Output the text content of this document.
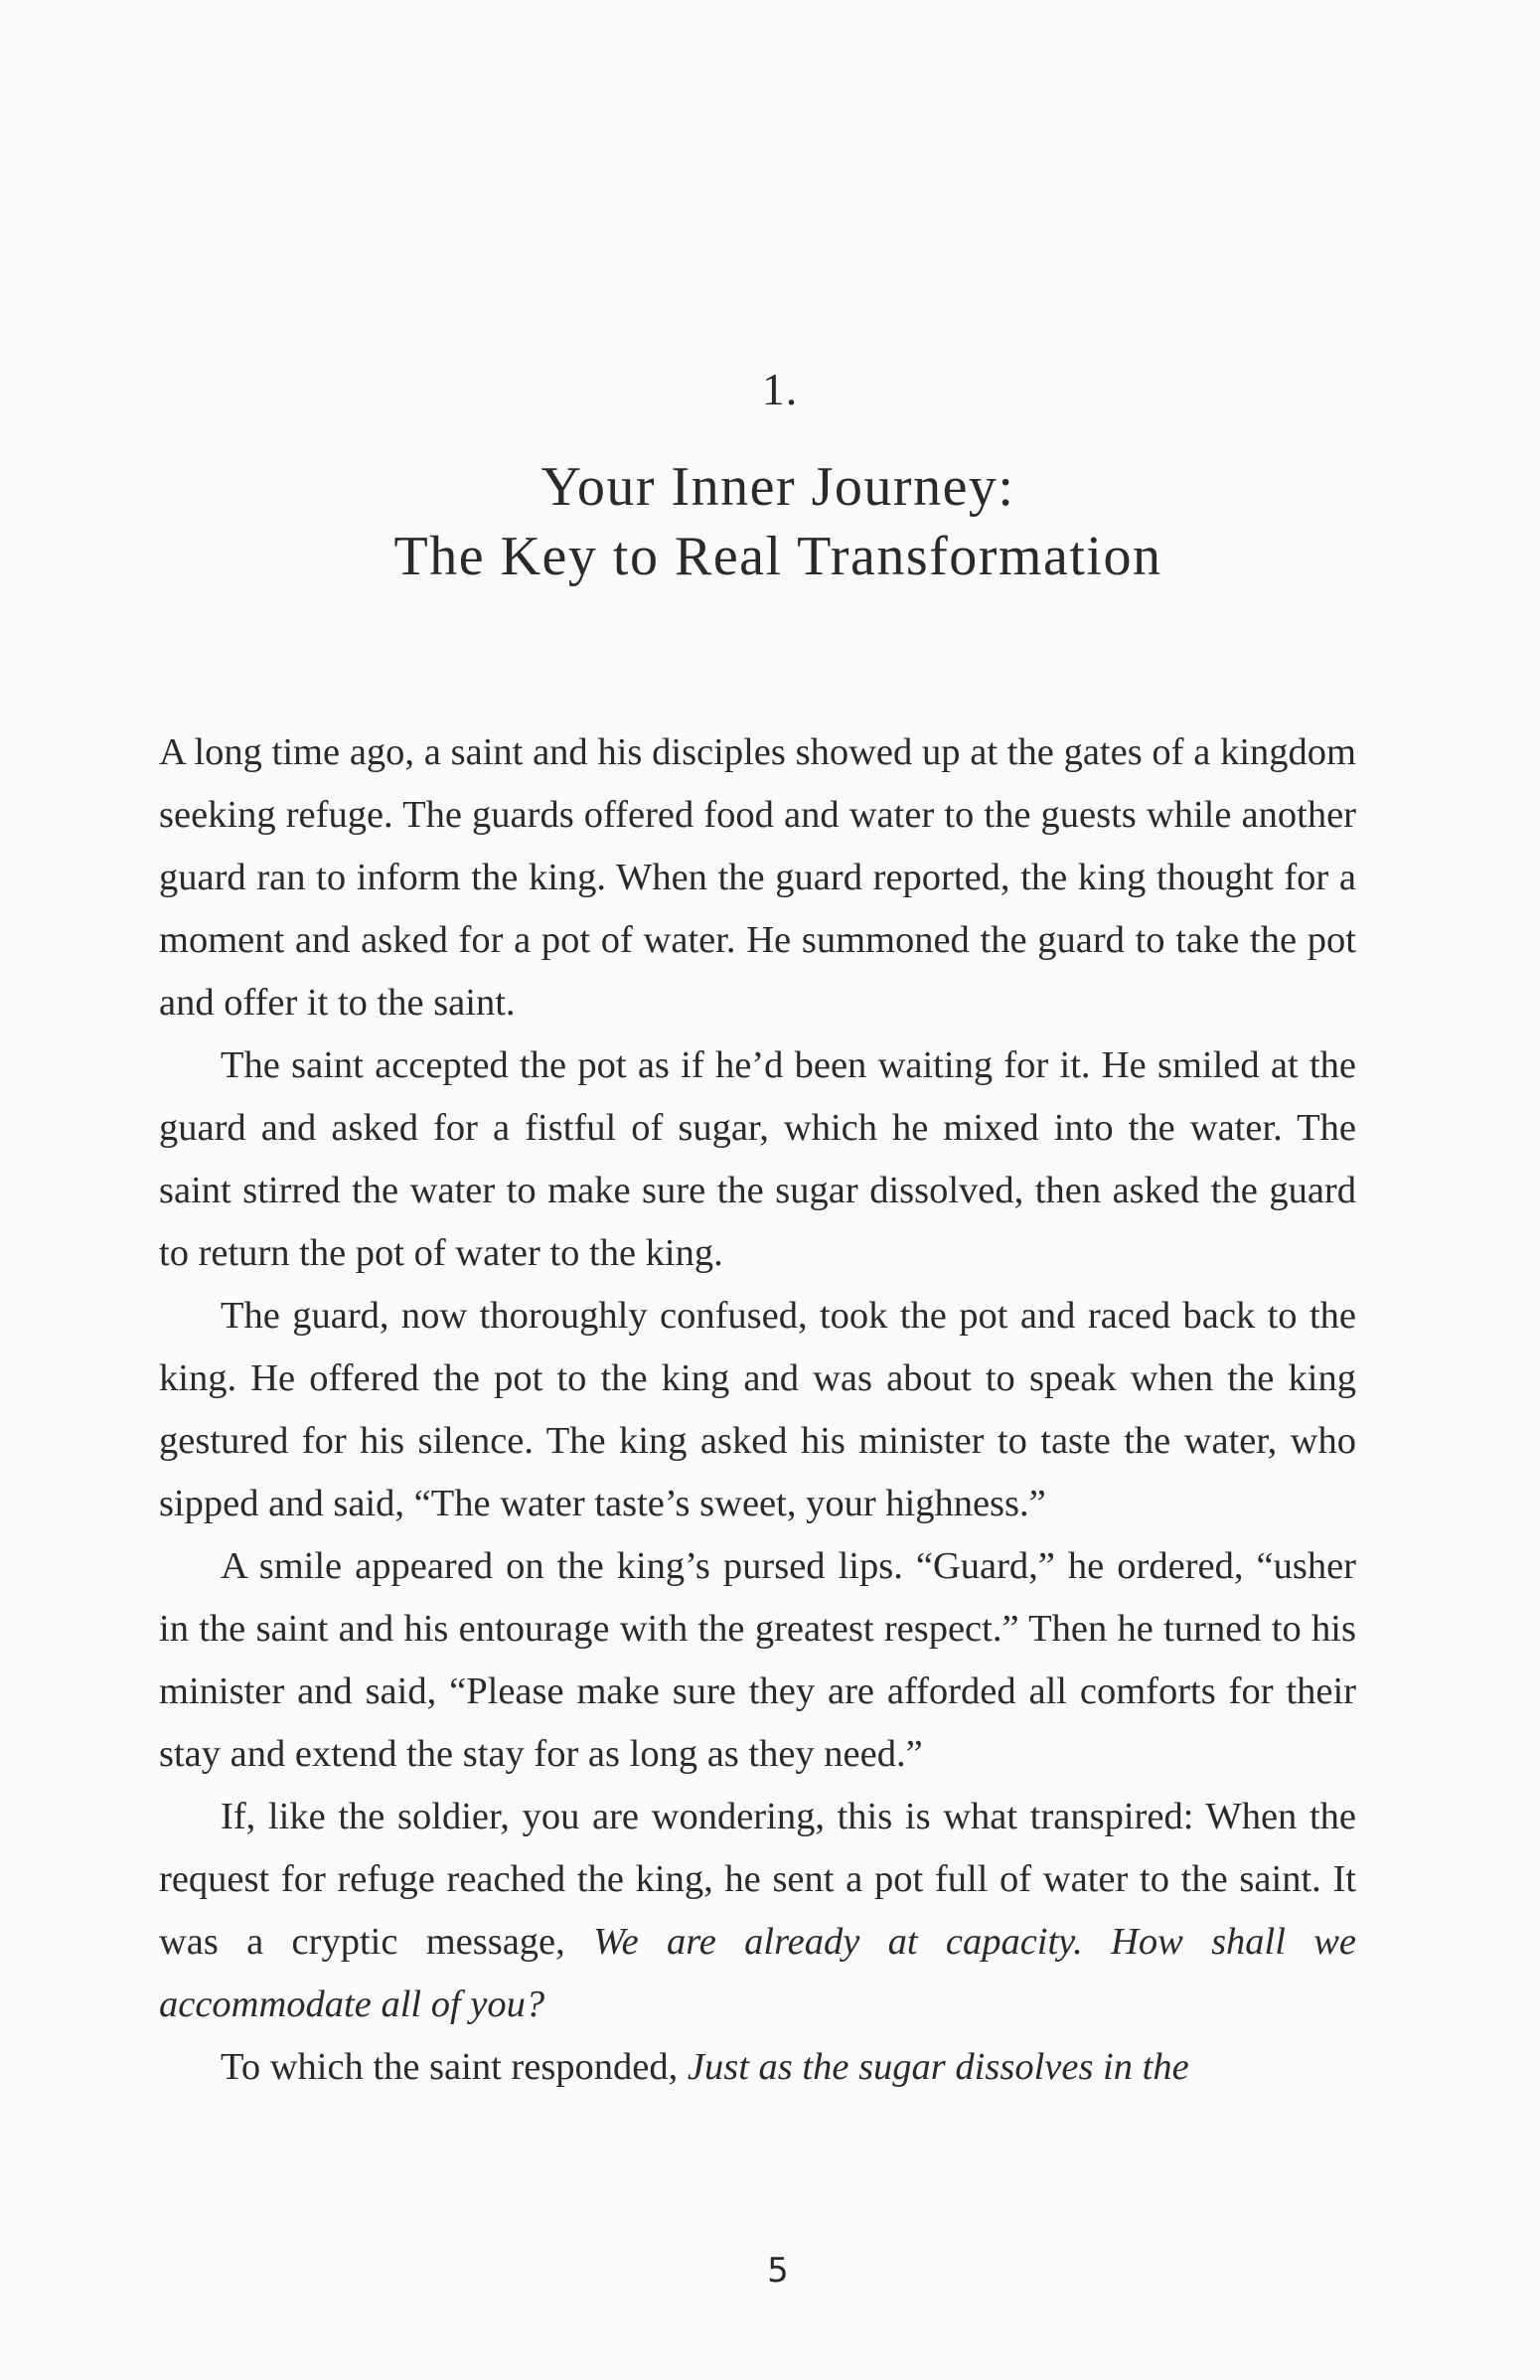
1.
Your Inner Journey:
The Key to Real Transformation

A long time ago, a saint and his disciples showed up at the gates of a kingdom seeking refuge. The guards offered food and water to the guests while another guard ran to inform the king. When the guard reported, the king thought for a moment and asked for a pot of water. He summoned the guard to take the pot and offer it to the saint.

The saint accepted the pot as if he’d been waiting for it. He smiled at the guard and asked for a fistful of sugar, which he mixed into the water. The saint stirred the water to make sure the sugar dissolved, then asked the guard to return the pot of water to the king.

The guard, now thoroughly confused, took the pot and raced back to the king. He offered the pot to the king and was about to speak when the king gestured for his silence. The king asked his minister to taste the water, who sipped and said, “The water taste’s sweet, your highness.”

A smile appeared on the king’s pursed lips. “Guard,” he ordered, “usher in the saint and his entourage with the greatest respect.” Then he turned to his minister and said, “Please make sure they are afforded all comforts for their stay and extend the stay for as long as they need.”

If, like the soldier, you are wondering, this is what transpired: When the request for refuge reached the king, he sent a pot full of water to the saint. It was a cryptic message, We are already at capacity. How shall we accommodate all of you?

To which the saint responded, Just as the sugar dissolves in the

5
